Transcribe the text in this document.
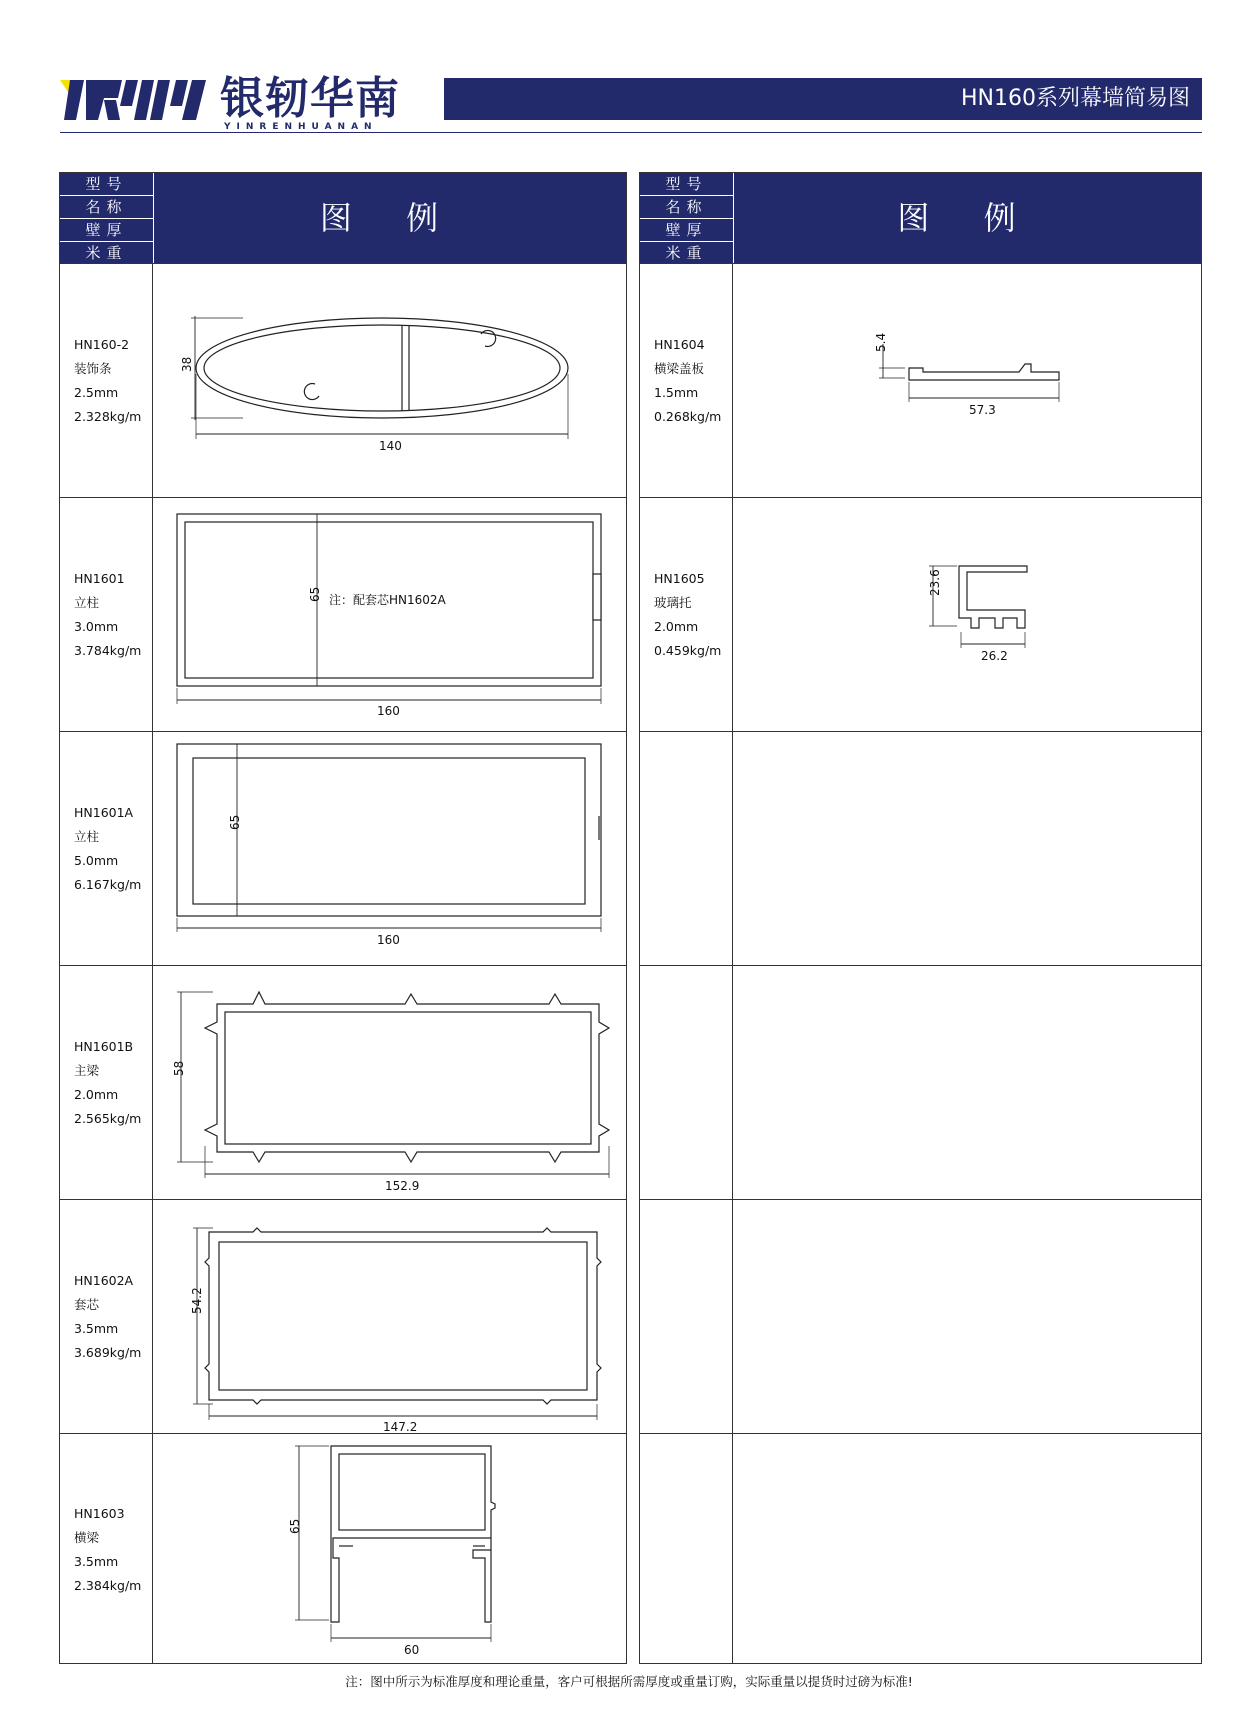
银轫华南
YINRENHUANAN
HN160系列幕墙简易图
型号
名称
壁厚
米重
图 例
HN160-2
装饰条
2.5mm
2.328kg/m
38
140
HN1601
立柱
3.0mm
3.784kg/m
65 注：配套芯HN1602A
160
HN1601A
立柱
5.0mm
6.167kg/m
65
160
HN1601B
主梁
2.0mm
2.565kg/m
58
152.9
HN1602A
套芯
3.5mm
3.689kg/m
54.2
147.2
HN1603
横梁
3.5mm
2.384kg/m
65
60
型号
名称
壁厚
米重
图 例
HN1604
横梁盖板
1.5mm
0.268kg/m
5.4
57.3
HN1605
玻璃托
2.0mm
0.459kg/m
23.6
26.2
注：图中所示为标准厚度和理论重量，客户可根据所需厚度或重量订购，实际重量以提货时过磅为标准!
